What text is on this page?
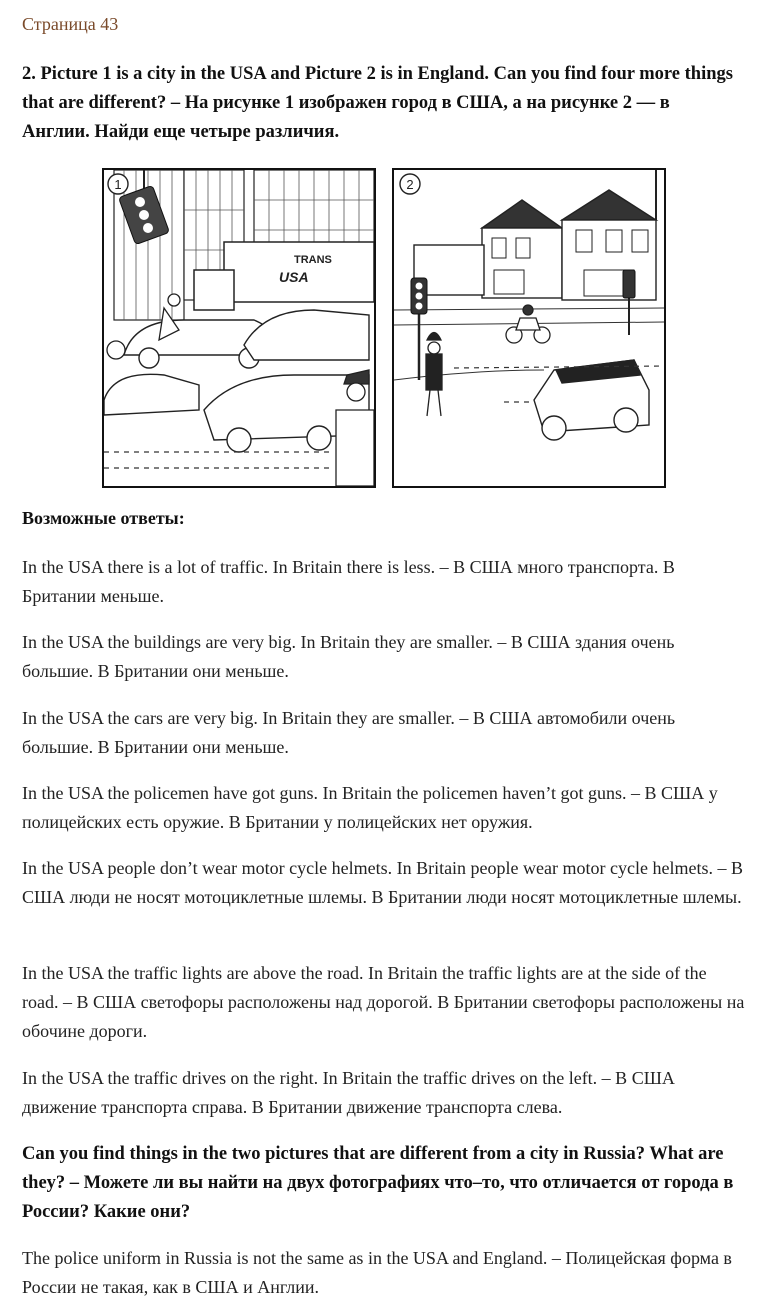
Страница 43
2. Picture 1 is a city in the USA and Picture 2 is in England. Can you find four more things that are different? – На рисунке 1 изображен город в США, а на рисунке 2 — в Англии. Найди еще четыре различия.
1
TRANS
USA
2
Возможные ответы:
In the USA there is a lot of traffic. In Britain there is less. – В США много транспорта. В Британии меньше.
In the USA the buildings are very big. In Britain they are smaller. – В США здания очень большие. В Британии они меньше.
In the USA the cars are very big. In Britain they are smaller. – В США автомобили очень большие. В Британии они меньше.
In the USA the policemen have got guns. In Britain the policemen haven’t got guns. – В США у полицейских есть оружие. В Британии у полицейских нет оружия.
In the USA people don’t wear motor cycle helmets. In Britain people wear motor cycle helmets. – В США люди не носят мотоциклетные шлемы. В Британии люди носят мотоциклетные шлемы.
In the USA the traffic lights are above the road. In Britain the traffic lights are at the side of the road. – В США светофоры расположены над дорогой. В Британии светофоры расположены на обочине дороги.
In the USA the traffic drives on the right. In Britain the traffic drives on the left. – В США движение транспорта справа. В Британии движение транспорта слева.
Can you find things in the two pictures that are different from a city in Russia? What are they? – Можете ли вы найти на двух фотографиях что–то, что отличается от города в России? Какие они?
The police uniform in Russia is not the same as in the USA and England. – Полицейская форма в России не такая, как в США и Англии.
